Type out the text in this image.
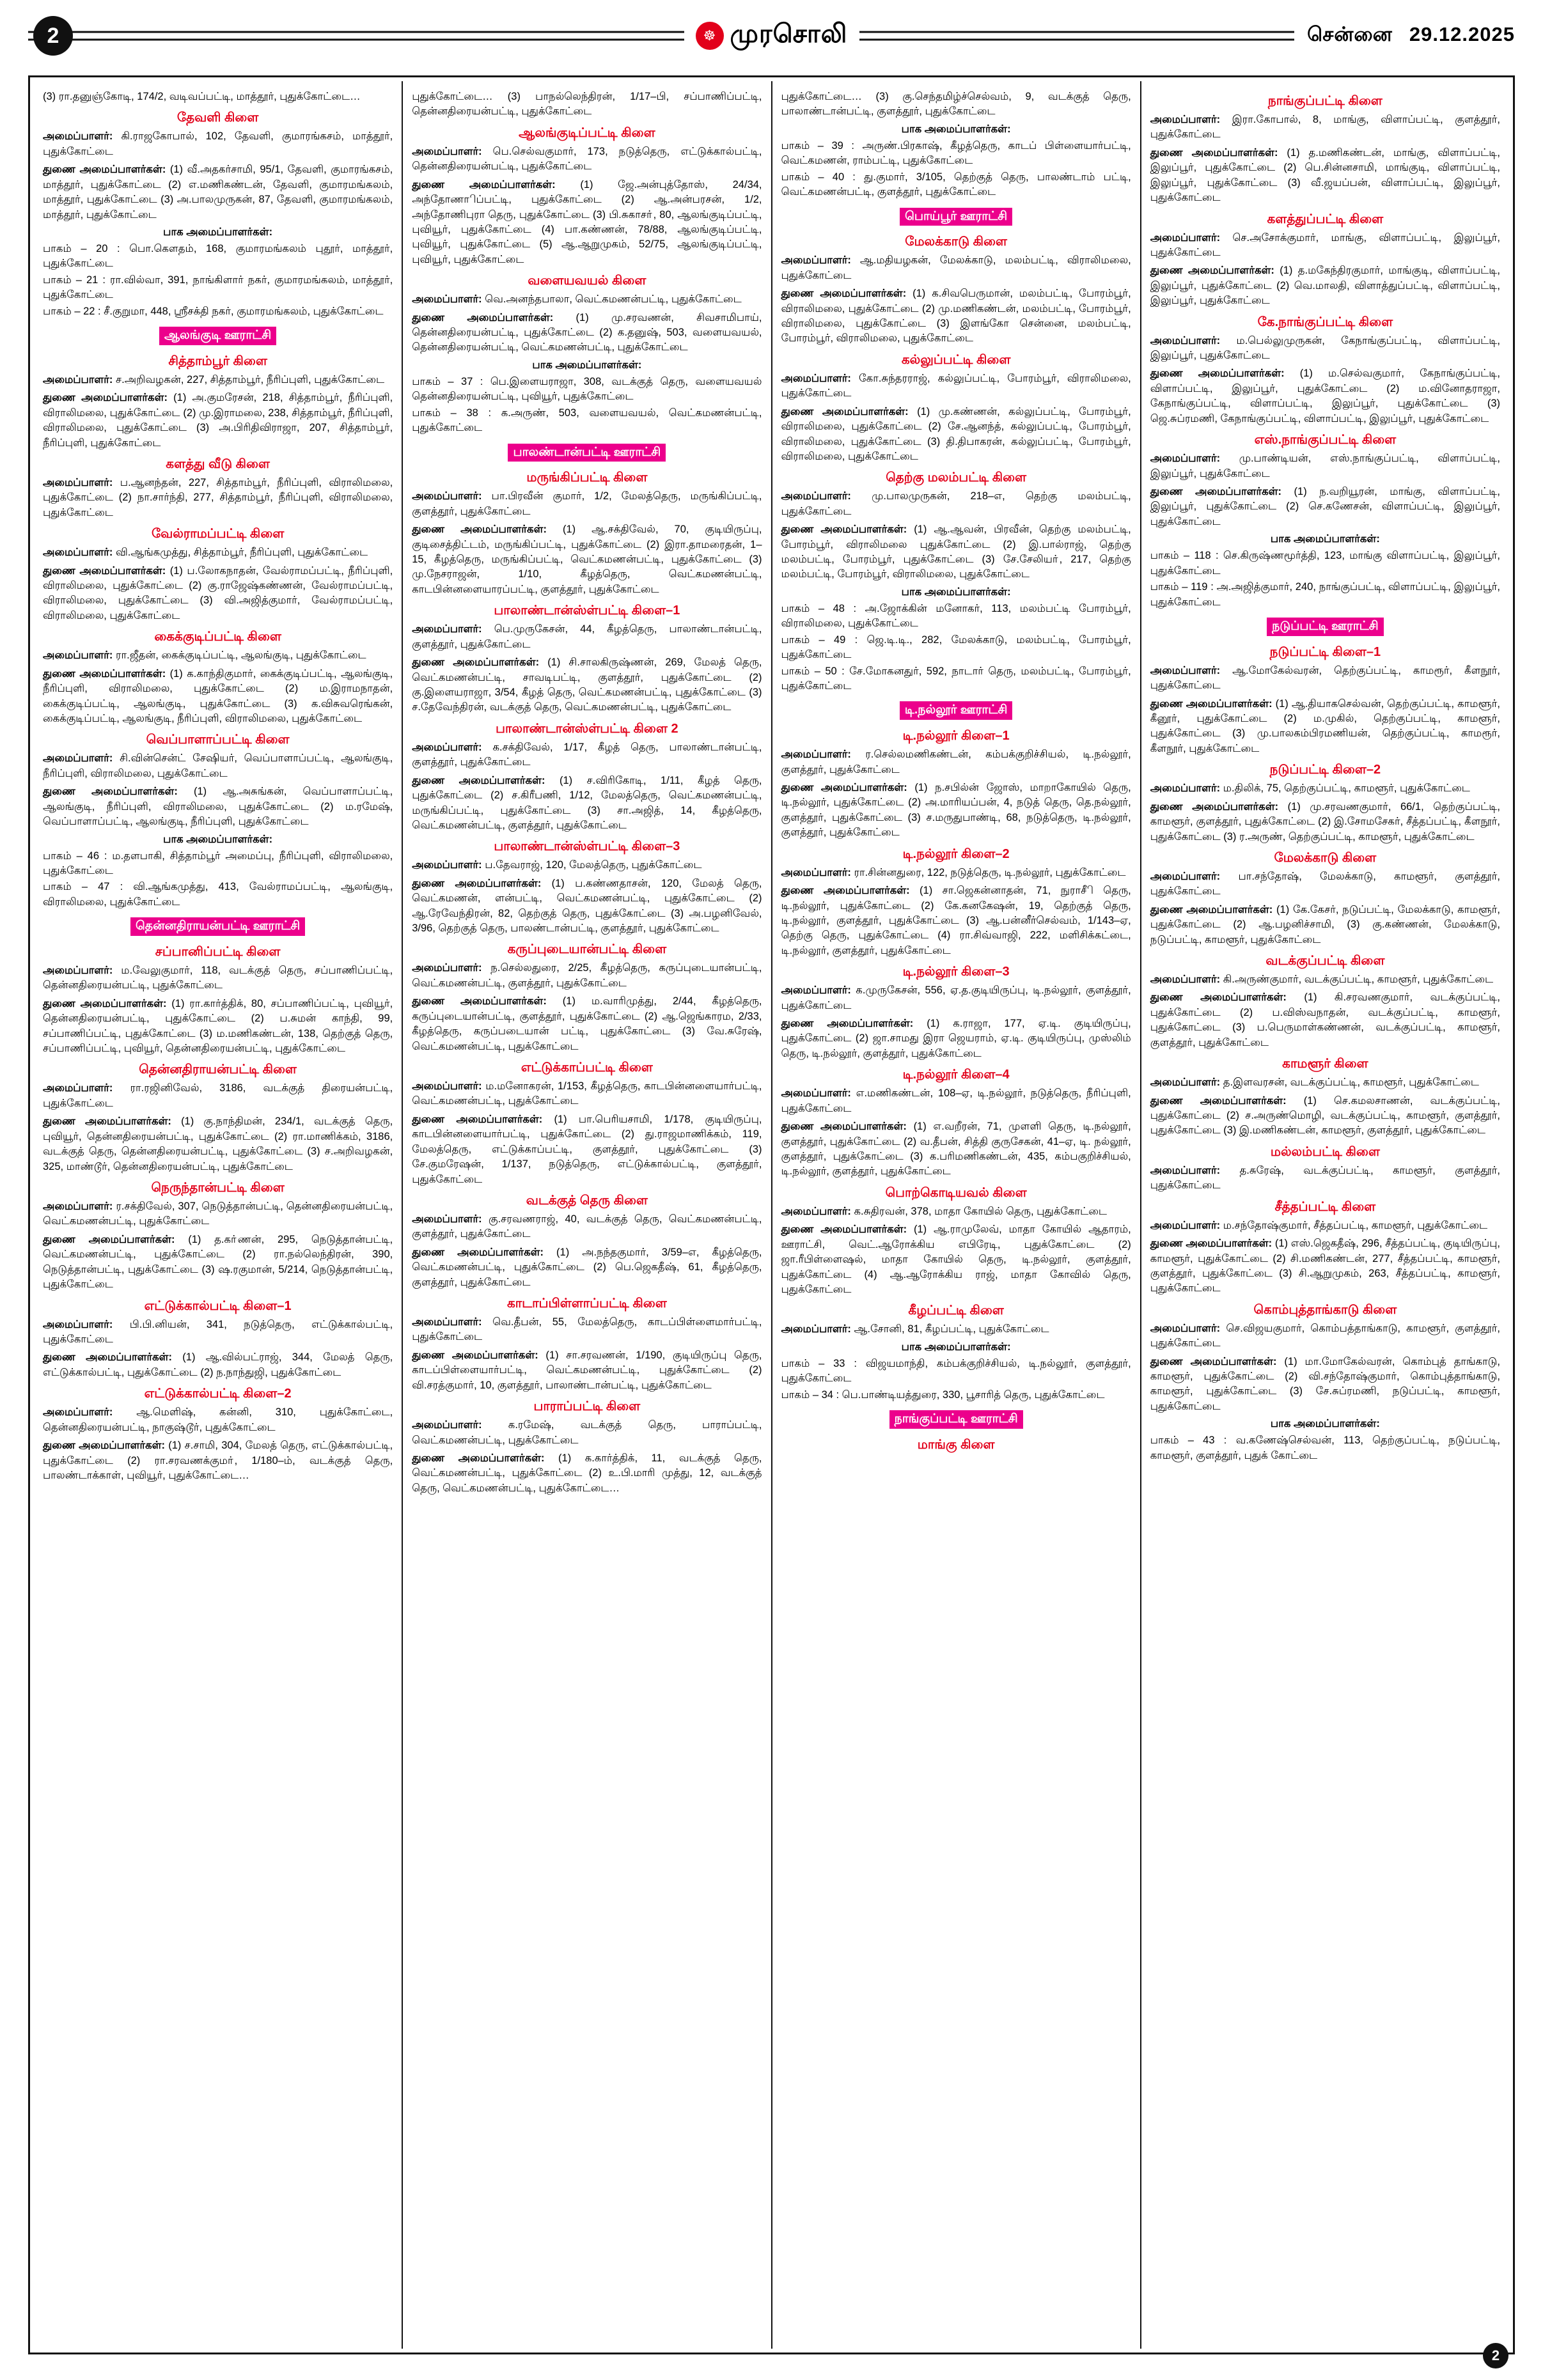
2	☸ முரசொலி	சென்னை 29.12.2025
(3) ரா.தனுஞ்கோடி, 174/2, வடிவப்பட்டி, மாத்தூர், புதுக்கோட்டை…
தேவளி கிளை
அமைப்பாளர்: கி.ராஜகோபால், 102, தேவளி, குமாரங்கசம், மாத்தூர், புதுக்கோட்டை
துணை அமைப்பாளர்கள்: (1) வீ.அதகர்சாமி, 95/1, தேவளி, குமாரங்கசம், மாத்தூர், புதுக்கோட்டை (2) எ.மணிகண்டன், தேவளி, குமாரமங்கலம், மாத்தூர், புதுக்கோட்டை (3) அ.பாலமுருகன், 87, தேவளி, குமாரமங்கலம், மாத்தூர், புதுக்கோட்டை
பாக அமைப்பாளர்கள்:
பாகம் – 20 : பொ.கௌதம், 168, குமாரமங்கலம் புதூர், மாத்தூர், புதுக்கோட்டை
பாகம் – 21 : ரா.வில்வா, 391, நாங்கிளார் நகர், குமாரமங்கலம், மாத்தூர், புதுக்கோட்டை
பாகம் – 22 : சீ.குறுமா, 448, ஸ்ரீசக்தி நகர், குமாரமங்கலம், புதுக்கோட்டை
ஆலங்குடி ஊராட்சி
சித்தாம்பூர் கிளை
அமைப்பாளர்: ச.அறிவழகன், 227, சித்தாம்பூர், நீரிப்புளி, புதுக்கோட்டை
துணை அமைப்பாளர்கள்: (1) அ.குமரேசன், 218, சித்தாம்பூர், நீரிப்புளி, விராலிமலை, புதுக்கோட்டை (2) மு.இராமலை, 238, சித்தாம்பூர், நீரிப்புளி, விராலிமலை, புதுக்கோட்டை (3) அ.பிரிதிவிராஜா, 207, சித்தாம்பூர், நீரிப்புளி, புதுக்கோட்டை
களத்து வீடு கிளை
அமைப்பாளர்: ப.ஆனந்தன், 227, சித்தாம்பூர், நீரிப்புளி, விராலிமலை, புதுக்கோட்டை (2) நா.சார்ந்தி, 277, சித்தாம்பூர், நீரிப்புளி, விராலிமலை, புதுக்கோட்டை
வேல்ராமப்பட்டி கிளை
அமைப்பாளர்: வி.ஆங்கமுத்து, சித்தாம்பூர், நீரிப்புளி, புதுக்கோட்டை
துணை அமைப்பாளர்கள்: (1) ப.லோகநாதன், வேல்ராமப்பட்டி, நீரிப்புளி, விராலிமலை, புதுக்கோட்டை (2) கு.ராஜேஷ்கண்ணன், வேல்ராமப்பட்டி, விராலிமலை, புதுக்கோட்டை (3) வி.அஜித்குமார், வேல்ராமப்பட்டி, விராலிமலை, புதுக்கோட்டை
கைக்குடிப்பட்டி கிளை
அமைப்பாளர்: ரா.ஜீதன், கைக்குடிப்பட்டி, ஆலங்குடி, புதுக்கோட்டை
துணை அமைப்பாளர்கள்: (1) க.காந்திகுமார், கைக்குடிப்பட்டி, ஆலங்குடி, நீரிப்புளி, விராலிமலை, புதுக்கோட்டை (2) ம.இராமநாதன், கைக்குடிப்பட்டி, ஆலங்குடி, புதுக்கோட்டை (3) க.விசுவரெங்கன், கைக்குடிப்பட்டி, ஆலங்குடி, நீரிப்புளி, விராலிமலை, புதுக்கோட்டை
வெப்பாளாப்பட்டி கிளை
அமைப்பாளர்: சி.வின்சென்ட் சேஷியர், வெப்பாளாப்பட்டி, ஆலங்குடி, நீரிப்புளி, விராலிமலை, புதுக்கோட்டை
துணை அமைப்பாளர்கள்: (1) ஆ.அசுங்கன், வெப்பாளாப்பட்டி, ஆலங்குடி, நீரிப்புளி, விராலிமலை, புதுக்கோட்டை (2) ம.ரமேஷ், வெப்பாளாப்பட்டி, ஆலங்குடி, நீரிப்புளி, புதுக்கோட்டை
பாக அமைப்பாளர்கள்:
பாகம் – 46 : ம.தளபாகி, சித்தாம்பூர் அமைப்பு, நீரிப்புளி, விராலிமலை, புதுக்கோட்டை
பாகம் – 47 : வி.ஆங்கமுத்து, 413, வேல்ராமப்பட்டி, ஆலங்குடி, விராலிமலை, புதுக்கோட்டை
தென்னதிராயன்பட்டி ஊராட்சி
சப்பானிப்பட்டி கிளை
அமைப்பாளர்: ம.வேலுகுமார், 118, வடக்குத் தெரு, சப்பாணிப்பட்டி, தென்னதிரையன்பட்டி, புதுக்கோட்டை
துணை அமைப்பாளர்கள்: (1) ரா.கார்த்திக், 80, சப்பாணிப்பட்டி, புவியூர், தென்னதிரையன்பட்டி, புதுக்கோட்டை (2) ப.சுமன் காந்தி, 99, சப்பாணிப்பட்டி, புதுக்கோட்டை (3) ம.மணிகண்டன், 138, தெற்குத் தெரு, சப்பாணிப்பட்டி, புவியூர், தென்னதிரையன்பட்டி, புதுக்கோட்டை
தென்னதிராயன்பட்டி கிளை
அமைப்பாளர்: ரா.ரஜினிவேல், 3186, வடக்குத் திரையன்பட்டி, புதுக்கோட்டை
துணை அமைப்பாளர்கள்: (1) கு.நாந்திமன், 234/1, வடக்குத் தெரு, புவியூர், தென்னதிரையன்பட்டி, புதுக்கோட்டை (2) ரா.மாணிக்கம், 3186, வடக்குத் தெரு, தென்னதிரையன்பட்டி, புதுக்கோட்டை (3) ச.அறிவழகன், 325, மாண்டூர், தென்னதிரையன்பட்டி, புதுக்கோட்டை
நெருந்தான்பட்டி கிளை
அமைப்பாளர்: ர.சக்திவேல், 307, நெடுத்தான்பட்டி, தென்னதிரையன்பட்டி, வெட்கமணன்பட்டி, புதுக்கோட்டை
துணை அமைப்பாளர்கள்: (1) த.கா்ணன், 295, நெடுத்தான்பட்டி, வெட்கமணன்பட்டி, புதுக்கோட்டை (2) ரா.நல்லெந்திரன், 390, நெடுத்தான்பட்டி, புதுக்கோட்டை (3) ஷ.ரகுமான், 5/214, நெடுத்தான்பட்டி, புதுக்கோட்டை
எட்டுக்கால்பட்டி கிளை–1
அமைப்பாளர்: பி.பி.னியன், 341, நடுத்தெரு, எட்டுக்கால்பட்டி, புதுக்கோட்டை
துணை அமைப்பாளர்கள்: (1) ஆ.வில்பட்ராஜ், 344, மேலத் தெரு, எட்டுக்கால்பட்டி, புதுக்கோட்டை (2) ந.நாந்துஜி, புதுக்கோட்டை
எட்டுக்கால்பட்டி கிளை–2
அமைப்பாளர்: ஆ.மெளிஷ், கன்னி, 310, புதுக்கோட்டை, தென்னதிரையன்பட்டி, நாகுஷ்டூர், புதுக்கோட்டை
துணை அமைப்பாளர்கள்: (1) ச.சாமி, 304, மேலத் தெரு, எட்டுக்கால்பட்டி, புதுக்கோட்டை (2) ரா.சரவணக்குமா், 1/180–ம், வடக்குத் தெரு, பாலண்டாக்காள், புவியூர், புதுக்கோட்டை…
புதுக்கோட்டை… (3) பாநல்லெந்திரன், 1/17–பி, சப்பாணிப்பட்டி, தென்னதிரையன்பட்டி, புதுக்கோட்டை
ஆலங்குடிப்பட்டி கிளை
அமைப்பாளர்: பெ.செல்வகுமார், 173, நடுத்தெரு, எட்டுக்கால்பட்டி, தென்னதிரையன்பட்டி, புதுக்கோட்டை
துணை அமைப்பாளர்கள்: (1) ஜே.அன்புத்தோஸ், 24/34, அந்தோணாிப்பட்டி, புதுக்கோட்டை (2) ஆ.அன்பரசன், 1/2, அந்தோணிபுரா தெரு, புதுக்கோட்டை (3) பி.சுகாசா், 80, ஆலங்குடிப்பட்டி, புவியூர், புதுக்கோட்டை (4) பா.கண்ணன், 78/88, ஆலங்குடிப்பட்டி, புவியூர், புதுக்கோட்டை (5) ஆ.ஆறுமுகம், 52/75, ஆலங்குடிப்பட்டி, புவியூர், புதுக்கோட்டை
வளையவயல் கிளை
அமைப்பாளர்: வெ.அனந்தபாலா, வெட்கமணன்பட்டி, புதுக்கோட்டை
துணை அமைப்பாளர்கள்: (1) மு.சரவணன், சிவசாமிபாய், தென்னதிரையன்பட்டி, புதுக்கோட்டை (2) க.தனுஷ், 503, வளையவயல், தென்னதிரையன்பட்டி, வெட்கமணன்பட்டி, புதுக்கோட்டை
பாக அமைப்பாளர்கள்:
பாகம் – 37 : பெ.இளையராஜா, 308, வடக்குத் தெரு, வளையவயல் தென்னதிரையன்பட்டி, புவியூர், புதுக்கோட்டை
பாகம் – 38 : க.அருண், 503, வளையவயல், வெட்கமணன்பட்டி, புதுக்கோட்டை
பாலண்டான்பட்டி ஊராட்சி
மருங்கிப்பட்டி கிளை
அமைப்பாளர்: பா.பிரவீன் குமார், 1/2, மேலத்தெரு, மருங்கிப்பட்டி, குளத்தூர், புதுக்கோட்டை
துணை அமைப்பாளர்கள்: (1) ஆ.சக்திவேல், 70, குடியிருப்பு, குடிசைத்திட்டம், மருங்கிப்பட்டி, புதுக்கோட்டை (2) இரா.தாமரைதன், 1–15, கீழத்தெரு, மருங்கிப்பட்டி, வெட்கமணன்பட்டி, புதுக்கோட்டை (3) மு.நேசராஜன், 1/10, கீழத்தெரு, வெட்கமணன்பட்டி, காடபின்னளையாரப்பட்டி, குளத்தூர், புதுக்கோட்டை
பாலாண்டான்ஸ்ள்பட்டி கிளை–1
அமைப்பாளர்: பெ.முருகேசன், 44, கீழத்தெரு, பாலாண்டான்பட்டி, குளத்தூர், புதுக்கோட்டை
துணை அமைப்பாளர்கள்: (1) சி.சாலகிருஷ்ணன், 269, மேலத் தெரு, வெட்கமணன்பட்டி, சாவடிபட்டி, குளத்தூர், புதுக்கோட்டை (2) கு.இளையராஜா, 3/54, கீழத் தெரு, வெட்கமணன்பட்டி, புதுக்கோட்டை (3) ச.தேவேந்திரன், வடக்குத் தெரு, வெட்கமணன்பட்டி, புதுக்கோட்டை
பாலாண்டான்ஸ்ள்பட்டி கிளை 2
அமைப்பாளர்: க.சக்திவேல், 1/17, கீழத் தெரு, பாலாண்டான்பட்டி, குளத்தூர், புதுக்கோட்டை
துணை அமைப்பாளர்கள்: (1) ச.விரிகோடி, 1/11, கீழத் தெரு, புதுக்கோட்டை (2) ச.கிரீபணி, 1/12, மேலத்தெரு, வெட்கமணன்பட்டி, மருங்கிப்பட்டி, புதுக்கோட்டை (3) சா.அஜித், 14, கீழத்தெரு, வெட்கமணன்பட்டி, குளத்தூர், புதுக்கோட்டை
பாலாண்டான்ஸ்ள்பட்டி கிளை–3
அமைப்பாளர்: ப.தேவராஜ், 120, மேலத்தெரு, புதுக்கோட்டை
துணை அமைப்பாளர்கள்: (1) ப.கண்ணதாசன், 120, மேலத் தெரு, வெட்கமணன், ளன்பட்டி, வெட்கமணன்பட்டி, புதுக்கோட்டை (2) ஆ.ரேவேந்திரன், 82, தெற்குத் தெரு, புதுக்கோட்டை (3) அ.பழனிவேல், 3/96, தெற்குத் தெரு, பாலண்டான்பட்டி, குளத்தூர், புதுக்கோட்டை
கருப்புடையான்பட்டி கிளை
அமைப்பாளர்: ந.செல்லதுரை, 2/25, கீழத்தெரு, கருப்புடையான்பட்டி, வெட்கமணன்பட்டி, குளத்தூர், புதுக்கோட்டை
துணை அமைப்பாளர்கள்: (1) ம.வாரிமுத்து, 2/44, கீழத்தெரு, கருப்புடையான்பட்டி, குளத்தூர், புதுக்கோட்டை (2) ஆ.ஜெங்காரம, 2/33, கீழத்தெரு, கருப்படையான் பட்டி, புதுக்கோட்டை (3) வே.சுரேஷ், வெட்கமணன்பட்டி, புதுக்கோட்டை
எட்டுக்காப்பட்டி கிளை
அமைப்பாளர்: ம.மனோகரன், 1/153, கீழத்தெரு, காடபின்னளையார்பட்டி, வெட்கமணன்பட்டி, புதுக்கோட்டை
துணை அமைப்பாளர்கள்: (1) பா.பெரியசாமி, 1/178, குடியிருப்பு, காடபின்னளையார்பட்டி, புதுக்கோட்டை (2) து.ராஜமாணிக்கம், 119, மேலத்தெரு, எட்டுக்காப்பட்டி, குளத்தூர், புதுக்கோட்டை (3) சே.குமரேஷன், 1/137, நடுத்தெரு, எட்டுக்கால்பட்டி, குளத்தூர், புதுக்கோட்டை
வடக்குத் தெரு கிளை
அமைப்பாளர்: கு.சரவணராஜ், 40, வடக்குத் தெரு, வெட்கமணன்பட்டி, குளத்தூர், புதுக்கோட்டை
துணை அமைப்பாளர்கள்: (1) அ.நந்தகுமார், 3/59–எ, கீழத்தெரு, வெட்கமணன்பட்டி, புதுக்கோட்டை (2) பெ.ஜெகதீஷ், 61, கீழத்தெரு, குளத்தூர், புதுக்கோட்டை
காடாப்பிள்ளாப்பட்டி கிளை
அமைப்பாளர்: வெ.தீபன், 55, மேலத்தெரு, காடப்பிள்ளைமார்பட்டி, புதுக்கோட்டை
துணை அமைப்பாளர்கள்: (1) சா.சரவணன், 1/190, குடியிருப்பு தெரு, காடப்பிள்ளையார்பட்டி, வெட்கமணன்பட்டி, புதுக்கோட்டை (2) வி.சரத்குமார், 10, குளத்தூர், பாலாண்டான்பட்டி, புதுக்கோட்டை
பாராப்பட்டி கிளை
அமைப்பாளர்: க.ரமேஷ், வடக்குத் தெரு, பாராப்பட்டி, வெட்கமணன்பட்டி, புதுக்கோட்டை
துணை அமைப்பாளர்கள்: (1) க.கார்த்திக், 11, வடக்குத் தெரு, வெட்கமணன்பட்டி, புதுக்கோட்டை (2) உ.பி.மாரி முத்து, 12, வடக்குத் தெரு, வெட்கமணன்பட்டி, புதுக்கோட்டை…
புதுக்கோட்டை… (3) கு.செந்தமிழ்ச்செல்வம், 9, வடக்குத் தெரு, பாலாண்டான்பட்டி, குளத்தூர், புதுக்கோட்டை
பாக அமைப்பாளர்கள்:
பாகம் – 39 : அருண்.பிரகாஷ், கீழத்தெரு, காடப் பிள்ளையார்பட்டி, வெட்கமணன், ராம்பட்டி, புதுக்கோட்டை
பாகம் – 40 : து.குமார், 3/105, தெற்குத் தெரு, பாலண்டாம் பட்டி, வெட்கமணன்பட்டி, குளத்தூர், புதுக்கோட்டை
பொய்பூர் ஊராட்சி
மேலக்காடு கிளை
அமைப்பாளர்: ஆ.மதியழகன், மேலக்காடு, மலம்பட்டி, விராலிமலை, புதுக்கோட்டை
துணை அமைப்பாளர்கள்: (1) க.சிவபெருமான், மலம்பட்டி, போரம்பூர், விராலிமலை, புதுக்கோட்டை (2) மு.மணிகண்டன், மலம்பட்டி, போரம்பூர், விராலிமலை, புதுக்கோட்டை (3) இளங்கோ சென்னை, மலம்பட்டி, போரம்பூர், விராலிமலை, புதுக்கோட்டை
கல்லுப்பட்டி கிளை
அமைப்பாளர்: கோ.சுந்தரராஜ், கல்லுப்பட்டி, போரம்பூர், விராலிமலை, புதுக்கோட்டை
துணை அமைப்பாளர்கள்: (1) மு.கண்ணன், கல்லுப்பட்டி, போரம்பூர், விராலிமலை, புதுக்கோட்டை (2) சே.ஆனந்த், கல்லுப்பட்டி, போரம்பூர், விராலிமலை, புதுக்கோட்டை (3) தி.திபாகரன், கல்லுப்பட்டி, போரம்பூர், விராலிமலை, புதுக்கோட்டை
தெற்கு மலம்பட்டி கிளை
அமைப்பாளர்: மு.பாலமுருகன், 218–எ, தெற்கு மலம்பட்டி, புதுக்கோட்டை
துணை அமைப்பாளர்கள்: (1) ஆ.ஆவன், பிரவீன், தெற்கு மலம்பட்டி, போரம்பூர், விராலிமலை புதுக்கோட்டை (2) இ.பால்ராஜ், தெற்கு மலம்பட்டி, போரம்பூர், புதுக்கோட்டை (3) சே.சேலியா், 217, தெற்கு மலம்பட்டி, போரம்பூர், விராலிமலை, புதுக்கோட்டை
பாக அமைப்பாளர்கள்:
பாகம் – 48 : அ.ஜோக்கின் மனோகர், 113, மலம்பட்டி போரம்பூர், விராலிமலை, புதுக்கோட்டை
பாகம் – 49 : ஜெ.டி.டி., 282, மேலக்காடு, மலம்பட்டி, போரம்பூர், புதுக்கோட்டை
பாகம் – 50 : சே.மோகனதுர், 592, நாடார் தெரு, மலம்பட்டி, போரம்பூர், புதுக்கோட்டை
டி.நல்லூர் ஊராட்சி
டி.நல்லூர் கிளை–1
அமைப்பாளர்: ர.செல்லமணிகண்டன், கம்பக்குறிச்சியல், டி.நல்லூர், குளத்தூர், புதுக்கோட்டை
துணை அமைப்பாளர்கள்: (1) ந.சபில்ன் ஜோஸ், மாறாகோயில் தெரு, டி.நல்லூர், புதுக்கோட்டை (2) அ.மாரியப்பன், 4, நடுத் தெரு, தெ.நல்லூர், குளத்தூர், புதுக்கோட்டை (3) ச.மருதுபாண்டி, 68, நடுத்தெரு, டி.நல்லூர், குளத்தூர், புதுக்கோட்டை
டி.நல்லூர் கிளை–2
அமைப்பாளர்: ரா.சின்னதுரை, 122, நடுத்தெரு, டி.நல்லூர், புதுக்கோட்டை
துணை அமைப்பாளர்கள்: (1) சா.ஜெகன்னாதன், 71, நுராசீி தெரு, டி.நல்லூர், புதுக்கோட்டை (2) கே.கனகேஷன், 19, தெற்குத் தெரு, டி.நல்லூர், குளத்தூர், புதுக்கோட்டை (3) ஆ.பன்னீர்செல்வம், 1/143–ஏ, தெற்கு தெரு, புதுக்கோட்டை (4) ரா.சிவ்வாஜி, 222, மளிசிக்கட்டை, டி.நல்லூர், குளத்தூர், புதுக்கோட்டை
டி.நல்லூர் கிளை–3
அமைப்பாளர்: க.முருகேசன், 556, ஏ.த.குடியிருப்பு, டி.நல்லூர், குளத்தூர், புதுக்கோட்டை
துணை அமைப்பாளர்கள்: (1) க.ராஜா, 177, ஏ.டி. குடியிருப்பு, புதுக்கோட்டை (2) ஜா.சாமது இரா ஜெயராம், ஏ.டி. குடியிருப்பு, முஸ்லிம் தெரு, டி.நல்லூர், குளத்தூர், புதுக்கோட்டை
டி.நல்லூர் கிளை–4
அமைப்பாளர்: எ.மணிகண்டன், 108–ஏ, டி.நல்லூர், நடுத்தெரு, நீரிப்புளி, புதுக்கோட்டை
துணை அமைப்பாளர்கள்: (1) எ.வறீரன், 71, முளளி தெரு, டி.நல்லூர், குளத்தூர், புதுக்கோட்டை (2) வ.தீபன், சித்தி குருசேகன், 41–ஏ, டி. நல்லூர், குளத்தூர், புதுக்கோட்டை (3) க.பரிமணிகண்டன், 435, கம்பகுறிச்சியல், டி.நல்லூர், குளத்தூர், புதுக்கோட்டை
பொற்கொடியவல் கிளை
அமைப்பாளர்: க.சுதிரவன், 378, மாதா கோயில் தெரு, புதுக்கோட்டை
துணை அமைப்பாளர்கள்: (1) ஆ.ராமுலேவ், மாதா கோயில் ஆதாரம், ஊராட்சி, வெட்.ஆரோக்கிய எபிரேடி, புதுக்கோட்டை (2) ஜா.ரீபிள்ளைஷல், மாதா கோயில் தெரு, டி.நல்லூர், குளத்தூர், புதுக்கோட்டை (4) ஆ.ஆரோக்கிய ராஜ், மாதா கோவில் தெரு, புதுக்கோட்டை
கீழப்பட்டி கிளை
அமைப்பாளர்: ஆ.சோனி, 81, கீழப்பட்டி, புதுக்கோட்டை
பாக அமைப்பாளர்கள்:
பாகம் – 33 : விஜயமாந்தி, கம்பக்குறிச்சியல், டி.நல்லூர், குளத்தூர், புதுக்கோட்டை
பாகம் – 34 : பெ.பாண்டியத்துரை, 330, பூசாரித் தெரு, புதுக்கோட்டை
நாங்குப்பட்டி ஊராட்சி
மாங்கு கிளை
நாங்குப்பட்டி கிளை
அமைப்பாளர்: இரா.கோபால், 8, மாங்கு, விளாப்பட்டி, குளத்தூர், புதுக்கோட்டை
துணை அமைப்பாளர்கள்: (1) த.மணிகண்டன், மாங்கு, விளாப்பட்டி, இலுப்பூர், புதுக்கோட்டை (2) பெ.சின்னசாமி, மாங்குடி, விளாப்பட்டி, இலுப்பூர், புதுக்கோட்டை (3) வீ.ஜயப்பன், விளாப்பட்டி, இலுப்பூர், புதுக்கோட்டை
களத்துப்பட்டி கிளை
அமைப்பாளர்: செ.அசோக்குமார், மாங்கு, விளாப்பட்டி, இலுப்பூர், புதுக்கோட்டை
துணை அமைப்பாளர்கள்: (1) த.மகேந்திரகுமார், மாங்குடி, விளாப்பட்டி, இலுப்பூர், புதுக்கோட்டை (2) வெ.மாலதி, விளாத்துப்பட்டி, விளாப்பட்டி, இலுப்பூர், புதுக்கோட்டை
கே.நாங்குப்பட்டி கிளை
அமைப்பாளர்: ம.பெல்லுமுருகன், கேநாங்குப்பட்டி, விளாப்பட்டி, இலுப்பூர், புதுக்கோட்டை
துணை அமைப்பாளர்கள்: (1) ம.செல்வகுமார், கேநாங்குப்பட்டி, விளாப்பட்டி, இலுப்பூர், புதுக்கோட்டை (2) ம.வினோதராஜா, கேநாங்குப்பட்டி, விளாப்பட்டி, இலுப்பூர், புதுக்கோட்டை (3) ஜெ.சுப்ரமணி, கேநாங்குப்பட்டி, விளாப்பட்டி, இலுப்பூர், புதுக்கோட்டை
எஸ்.நாங்குப்பட்டி கிளை
அமைப்பாளர்: மு.பாண்டியன், எஸ்.நாங்குப்பட்டி, விளாப்பட்டி, இலுப்பூர், புதுக்கோட்டை
துணை அமைப்பாளர்கள்: (1) ந.வறியூரன், மாங்கு, விளாப்பட்டி, இலுப்பூர், புதுக்கோட்டை (2) செ.கணேசன், விளாப்பட்டி, இலுப்பூர், புதுக்கோட்டை
பாக அமைப்பாளர்கள்:
பாகம் – 118 : செ.கிருஷ்ணமூர்த்தி, 123, மாங்கு விளாப்பட்டி, இலுப்பூர், புதுக்கோட்டை
பாகம் – 119 : அ.அஜித்குமார், 240, நாங்குப்பட்டி, விளாப்பட்டி, இலுப்பூர், புதுக்கோட்டை
நடுப்பட்டி ஊராட்சி
நடுப்பட்டி கிளை–1
அமைப்பாளர்: ஆ.மோகேல்வரன், தெற்குப்பட்டி, காமரூர், கீளநூர், புதுக்கோட்டை
துணை அமைப்பாளர்கள்: (1) ஆ.தியாகசெல்வன், தெற்குப்பட்டி, காமளூர், கீனூர், புதுக்கோட்டை (2) ம.முகில், தெற்குப்பட்டி, காமளூர், புதுக்கோட்டை (3) மு.பாலகம்பிரமணியன், தெற்குப்பட்டி, காமரூர், கீளநூர், புதுக்கோட்டை
நடுப்பட்டி கிளை–2
அமைப்பாளர்: ம.திலிக், 75, தெற்குப்பட்டி, காமளூர், புதுக்கோட்டை
துணை அமைப்பாளர்கள்: (1) மு.சரவணகுமார், 66/1, தெற்குப்பட்டி, காமளூர், குளத்தூர், புதுக்கோட்டை (2) இ.சோமசேகர், சீத்தப்பட்டி, கீளநூர், புதுக்கோட்டை (3) ர.அருண், தெற்குப்பட்டி, காமளூர், புதுக்கோட்டை
மேலக்காடு கிளை
அமைப்பாளர்: பா.சந்தோஷ், மேலக்காடு, காமளூர், குளத்தூர், புதுக்கோட்டை
துணை அமைப்பாளர்கள்: (1) கே.கேசர், நடுப்பட்டி, மேலக்காடு, காமளூர், புதுக்கோட்டை (2) ஆ.பழனிச்சாமி, (3) கு.கண்ணன், மேலக்காடு, நடுப்பட்டி, காமளூர், புதுக்கோட்டை
வடக்குப்பட்டி கிளை
அமைப்பாளர்: கி.அருண்குமார், வடக்குப்பட்டி, காமளூர், புதுக்கோட்டை
துணை அமைப்பாளர்கள்: (1) கி.சரவணகுமார், வடக்குப்பட்டி, புதுக்கோட்டை (2) ப.விஸ்வநாதன், வடக்குப்பட்டி, காமளூர், புதுக்கோட்டை (3) ப.பெருமாள்கண்ணன், வடக்குப்பட்டி, காமளூர், குளத்தூர், புதுக்கோட்டை
காமளூர் கிளை
அமைப்பாளர்: த.இளவரசன், வடக்குப்பட்டி, காமளூர், புதுக்கோட்டை
துணை அமைப்பாளர்கள்: (1) செ.கமலசாணன், வடக்குப்பட்டி, புதுக்கோட்டை (2) ச.அருண்மொழி, வடக்குப்பட்டி, காமளூர், குளத்தூர், புதுக்கோட்டை (3) இ.மணிகண்டன், காமளூர், குளத்தூர், புதுக்கோட்டை
மல்லம்பட்டி கிளை
அமைப்பாளர்: த.சுரேஷ், வடக்குப்பட்டி, காமளூர், குளத்தூர், புதுக்கோட்டை
சீத்தப்பட்டி கிளை
அமைப்பாளர்: ம.சந்தோஷ்குமார், சீத்தப்பட்டி, காமளூர், புதுக்கோட்டை
துணை அமைப்பாளர்கள்: (1) எஸ்.ஜெகதீஷ், 296, சீத்தப்பட்டி, குடியிருப்பு, காமளூர், புதுக்கோட்டை (2) சி.மணிகண்டன், 277, சீத்தப்பட்டி, காமளூர், குளத்தூர், புதுக்கோட்டை (3) சி.ஆறுமுகம், 263, சீத்தப்பட்டி, காமளூர், புதுக்கோட்டை
கொம்புத்தாங்காடு கிளை
அமைப்பாளர்: செ.விஜயகுமார், கொம்பத்தாங்காடு, காமளூர், குளத்தூர், புதுக்கோட்டை
துணை அமைப்பாளர்கள்: (1) மா.மோகேல்வரன், கொம்புத் தாங்காடு, காமளூர், புதுக்கோட்டை (2) வி.சந்தோஷ்குமார், கொம்புத்தாங்காடு, காமளூர், புதுக்கோட்டை (3) சே.சுப்ரமணி, நடுப்பட்டி, காமளூர், புதுக்கோட்டை
பாக அமைப்பாளர்கள்:
பாகம் – 43 : வ.கணேஷ்செல்வன், 113, தெற்குப்பட்டி, நடுப்பட்டி, காமளூர், குளத்தூர், புதுக் கோட்டை
2
